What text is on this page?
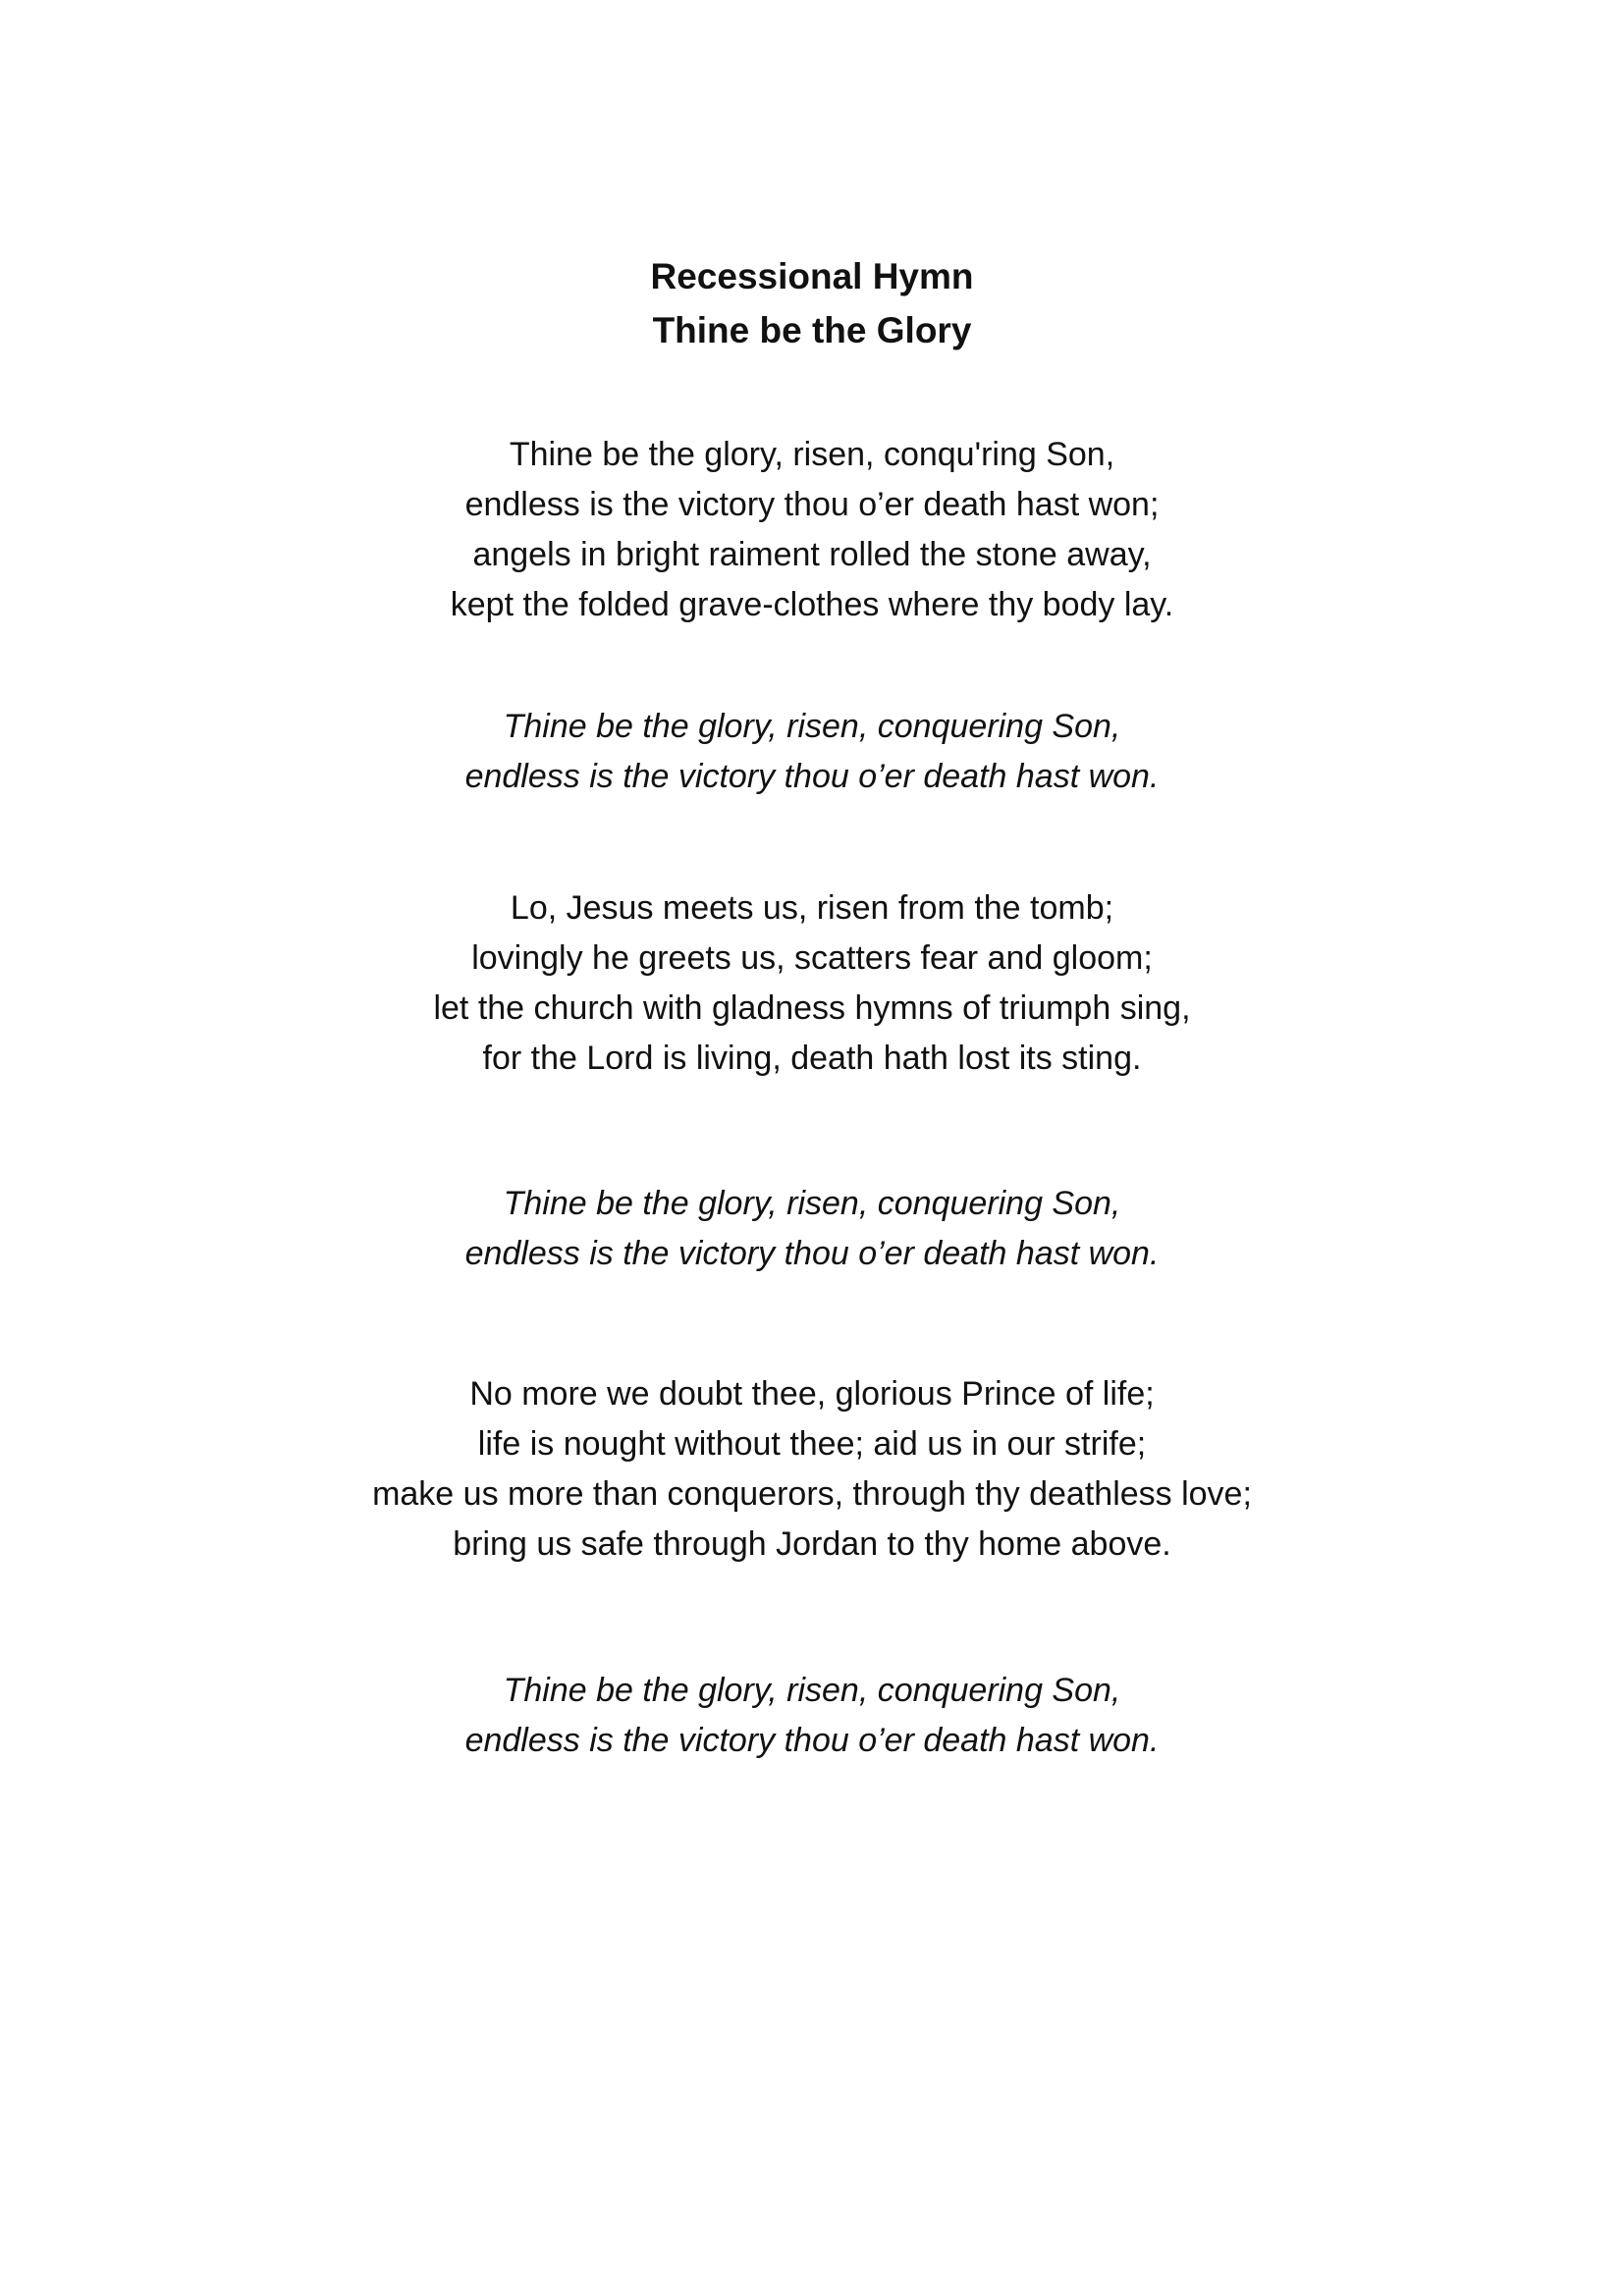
Recessional Hymn
Thine be the Glory
Thine be the glory, risen, conqu'ring Son,
endless is the victory thou o’er death hast won;
angels in bright raiment rolled the stone away,
kept the folded grave-clothes where thy body lay.
Thine be the glory, risen, conquering Son,
endless is the victory thou o’er death hast won.
Lo, Jesus meets us, risen from the tomb;
lovingly he greets us, scatters fear and gloom;
let the church with gladness hymns of triumph sing,
for the Lord is living, death hath lost its sting.
Thine be the glory, risen, conquering Son,
endless is the victory thou o’er death hast won.
No more we doubt thee, glorious Prince of life;
life is nought without thee; aid us in our strife;
make us more than conquerors, through thy deathless love;
bring us safe through Jordan to thy home above.
Thine be the glory, risen, conquering Son,
endless is the victory thou o’er death hast won.
